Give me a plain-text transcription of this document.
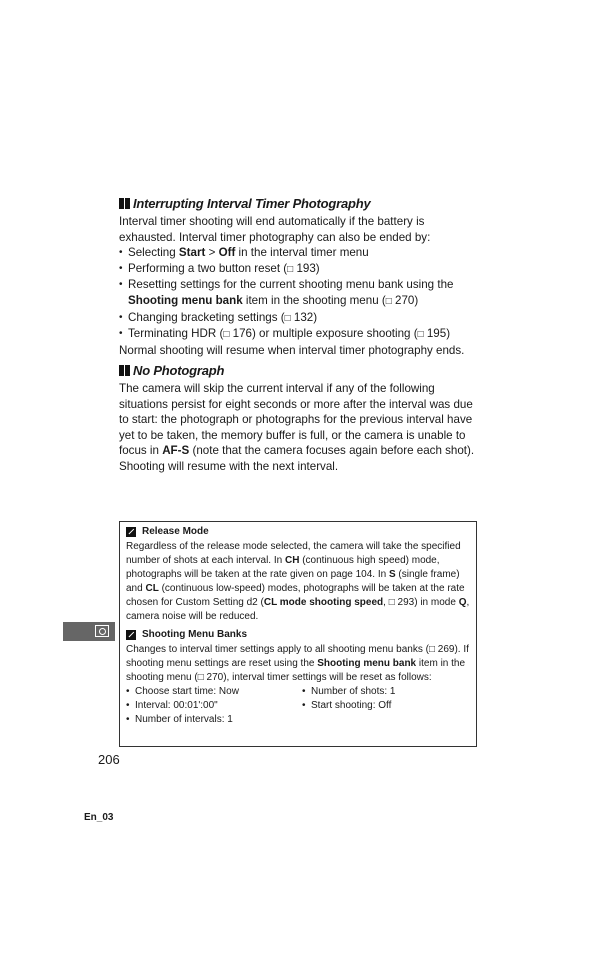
Interrupting Interval Timer Photography

Interval timer shooting will end automatically if the battery is exhausted. Interval timer photography can also be ended by:

• Selecting Start > Off in the interval timer menu
• Performing a two button reset (□ 193)
• Resetting settings for the current shooting menu bank using the Shooting menu bank item in the shooting menu (□ 270)
• Changing bracketing settings (□ 132)
• Terminating HDR (□ 176) or multiple exposure shooting (□ 195)

Normal shooting will resume when interval timer photography ends.

No Photograph

The camera will skip the current interval if any of the following situations persist for eight seconds or more after the interval was due to start: the photograph or photographs for the previous interval have yet to be taken, the memory buffer is full, or the camera is unable to focus in AF-S (note that the camera focuses again before each shot). Shooting will resume with the next interval.

Release Mode

Regardless of the release mode selected, the camera will take the specified number of shots at each interval. In CH (continuous high speed) mode, photographs will be taken at the rate given on page 104. In S (single frame) and CL (continuous low-speed) modes, photographs will be taken at the rate chosen for Custom Setting d2 (CL mode shooting speed, □ 293) in mode Q, camera noise will be reduced.

Shooting Menu Banks

Changes to interval timer settings apply to all shooting menu banks (□ 269). If shooting menu settings are reset using the Shooting menu bank item in the shooting menu (□ 270), interval timer settings will be reset as follows:

• Choose start time: Now
• Interval: 00:01':00"
• Number of intervals: 1
• Number of shots: 1
• Start shooting: Off
206
En_03
